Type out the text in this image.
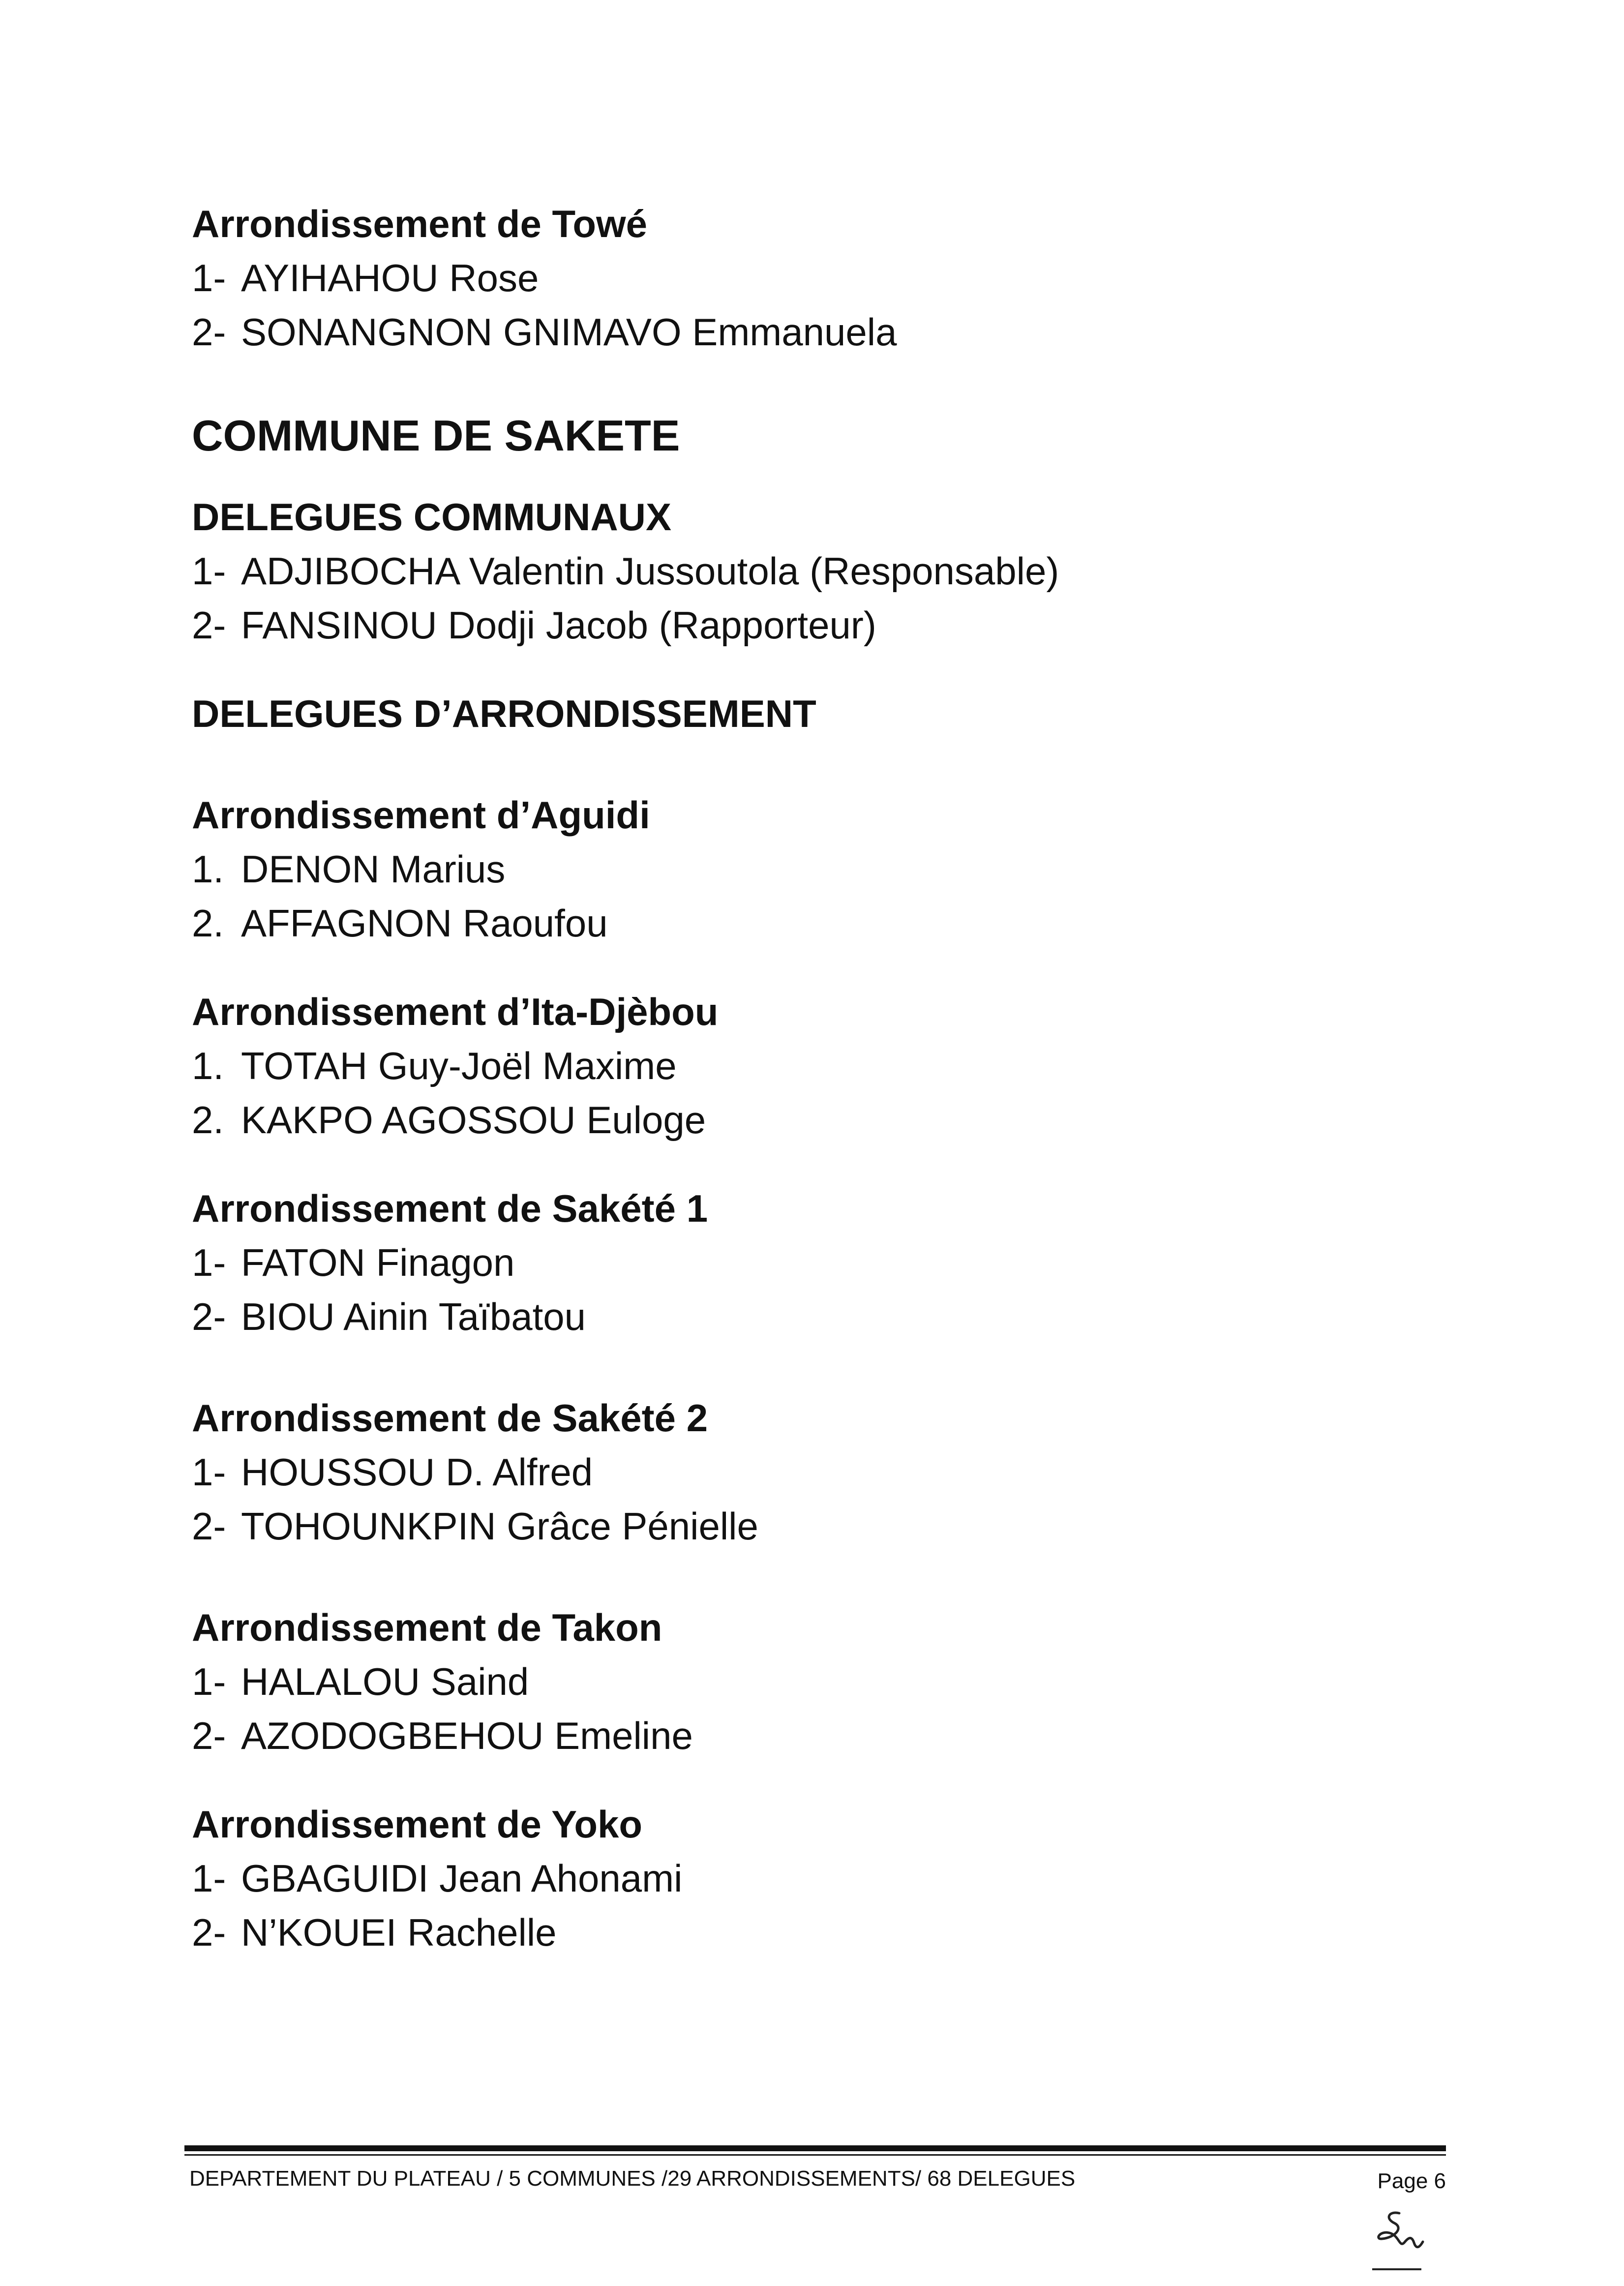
Arrondissement de Towé

1- AYIHAHOU Rose

2- SONANGNON GNIMAVO Emmanuela

COMMUNE DE SAKETE

DELEGUES COMMUNAUX

1- ADJIBOCHA Valentin Jussoutola (Responsable)

2- FANSINOU Dodji Jacob (Rapporteur)

DELEGUES D’ARRONDISSEMENT

Arrondissement d’Aguidi

1. DENON Marius

2. AFFAGNON Raoufou

Arrondissement d’Ita-Djèbou

1. TOTAH Guy-Joël Maxime

2. KAKPO AGOSSOU Euloge

Arrondissement de Sakété 1

1- FATON Finagon

2- BIOU Ainin Taïbatou

Arrondissement de Sakété 2

1- HOUSSOU D. Alfred

2- TOHOUNKPIN Grâce Pénielle

Arrondissement de Takon

1- HALALOU Saind

2- AZODOGBEHOU Emeline

Arrondissement de Yoko

1- GBAGUIDI Jean Ahonami

2- N’KOUEI Rachelle

DEPARTEMENT DU PLATEAU / 5 COMMUNES /29 ARRONDISSEMENTS/ 68 DELEGUES	Page 6
